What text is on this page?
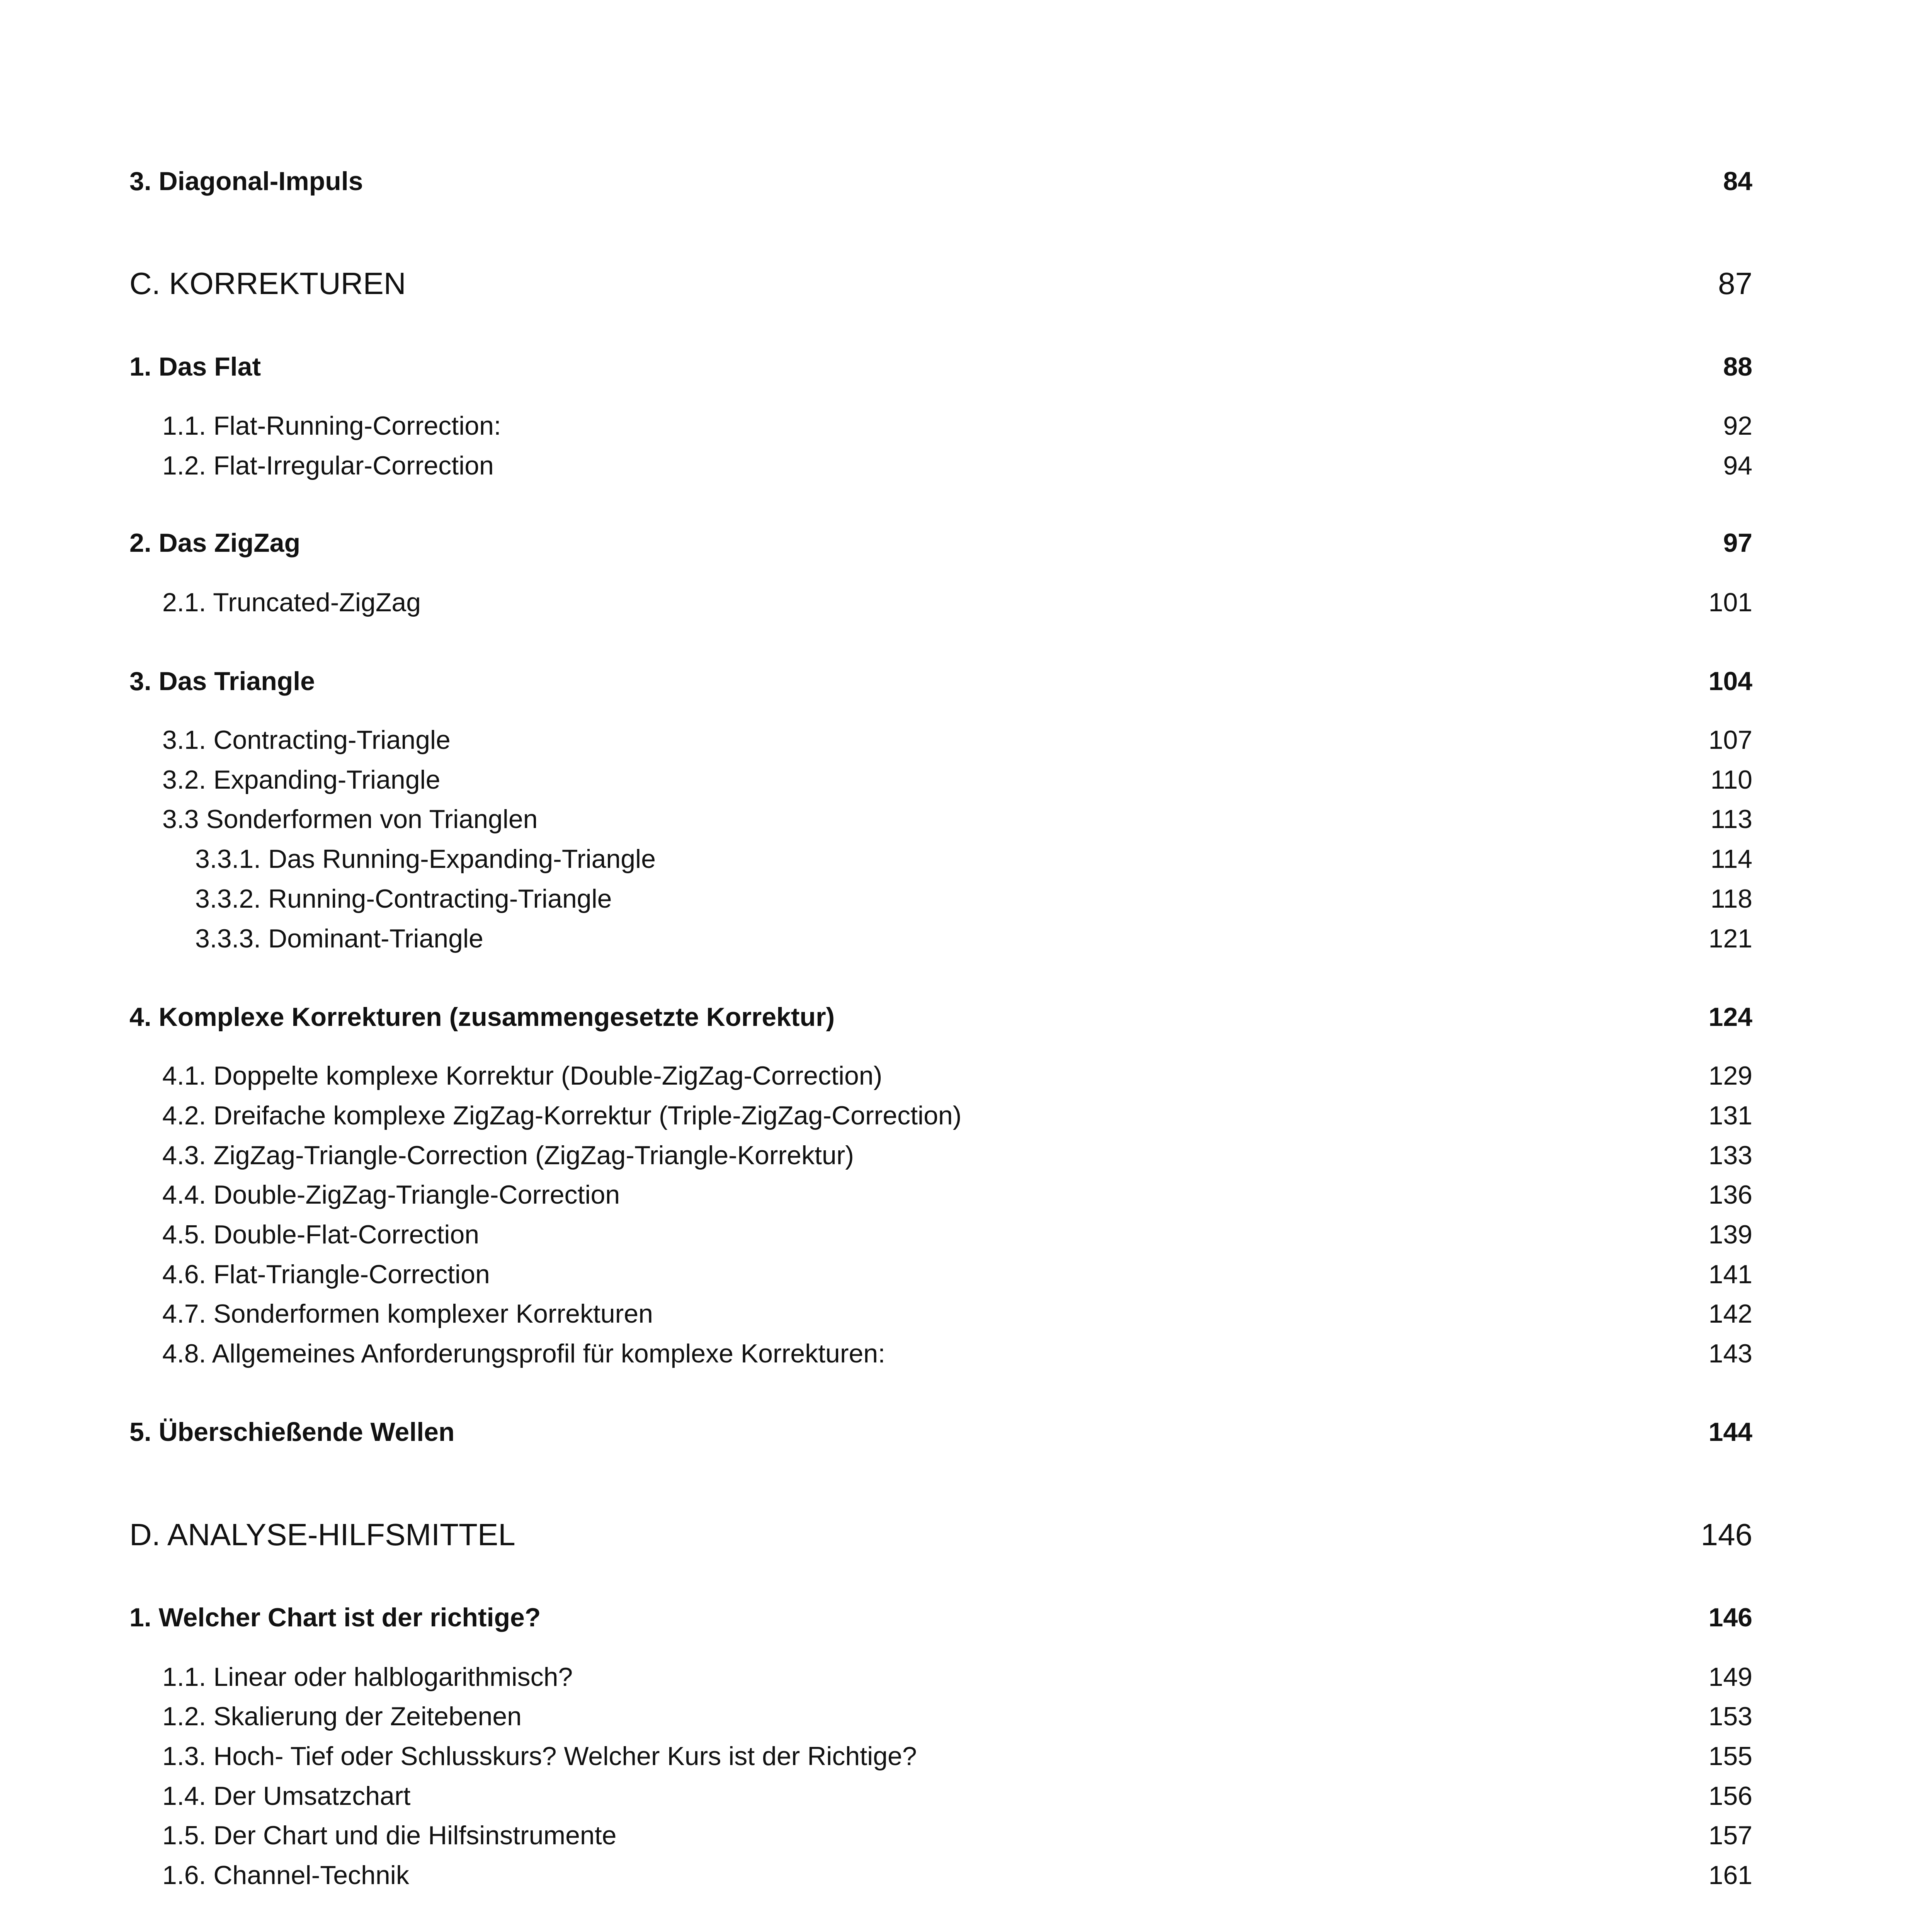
3. Diagonal-Impuls	84
C. KORREKTUREN	87
1. Das Flat	88
1.1. Flat-Running-Correction:	92
1.2. Flat-Irregular-Correction	94
2. Das ZigZag	97
2.1. Truncated-ZigZag	101
3. Das Triangle	104
3.1. Contracting-Triangle	107
3.2. Expanding-Triangle	110
3.3 Sonderformen von Trianglen	113
3.3.1. Das Running-Expanding-Triangle	114
3.3.2. Running-Contracting-Triangle	118
3.3.3. Dominant-Triangle	121
4. Komplexe Korrekturen (zusammengesetzte Korrektur)	124
4.1. Doppelte komplexe Korrektur (Double-ZigZag-Correction)	129
4.2. Dreifache komplexe ZigZag-Korrektur (Triple-ZigZag-Correction)	131
4.3. ZigZag-Triangle-Correction (ZigZag-Triangle-Korrektur)	133
4.4. Double-ZigZag-Triangle-Correction	136
4.5. Double-Flat-Correction	139
4.6. Flat-Triangle-Correction	141
4.7. Sonderformen komplexer Korrekturen	142
4.8. Allgemeines Anforderungsprofil für komplexe Korrekturen:	143
5. Überschießende Wellen	144
D. ANALYSE-HILFSMITTEL	146
1. Welcher Chart ist der richtige?	146
1.1. Linear oder halblogarithmisch?	149
1.2. Skalierung der Zeitebenen	153
1.3. Hoch- Tief oder Schlusskurs? Welcher Kurs ist der Richtige?	155
1.4. Der Umsatzchart	156
1.5. Der Chart und die Hilfsinstrumente	157
1.6. Channel-Technik	161
